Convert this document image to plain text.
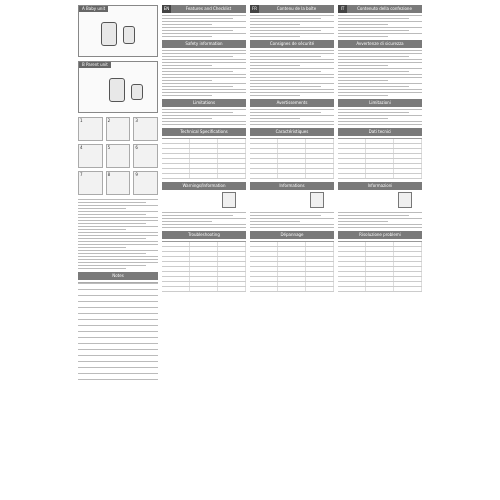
A Baby unit
B Parent unit
1	2	3
4	5	6
7	8	9
Notes
EN	Features and Checklist
Safety information
Limitations
Technical Specifications
Warnings/Information
Troubleshooting
FR	Contenu de la boîte
Consignes de sécurité
Avertissements
Caractéristiques
Informations
Dépannage
IT	Contenuto della confezione
Avvertenze di sicurezza
Limitazioni
Dati tecnici
Informazioni
Risoluzione problemi
